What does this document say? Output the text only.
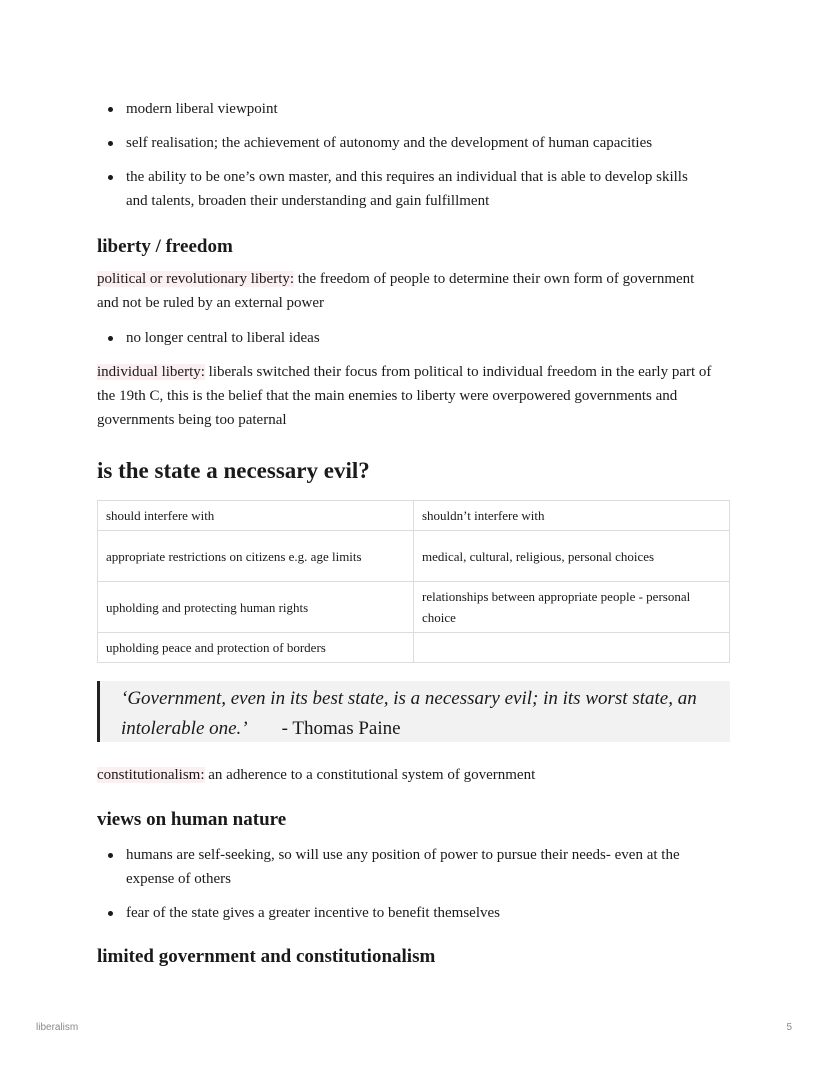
modern liberal viewpoint
self realisation; the achievement of autonomy and the development of human capacities
the ability to be one’s own master, and this requires an individual that is able to develop skills and talents, broaden their understanding and gain fulfillment
liberty / freedom

political or revolutionary liberty: the freedom of people to determine their own form of government and not be ruled by an external power

no longer central to liberal ideas

individual liberty: liberals switched their focus from political to individual freedom in the early part of the 19th C, this is the belief that the main enemies to liberty were overpowered governments and governments being too paternal

is the state a necessary evil?
should interfere with	shouldn’t interfere with
appropriate restrictions on citizens e.g. age limits	medical, cultural, religious, personal choices
upholding and protecting human rights	relationships between appropriate people - personal choice
upholding peace and protection of borders	

constitutionalism: an adherence to a constitutional system of government

views on human nature
humans are self-seeking, so will use any position of power to pursue their needs- even at the expense of others
fear of the state gives a greater incentive to benefit themselves
limited government and constitutionalism
‘Government, even in its best state, is a necessary evil; in its worst state, an intolerable one.’ - Thomas Paine
liberalism	5
